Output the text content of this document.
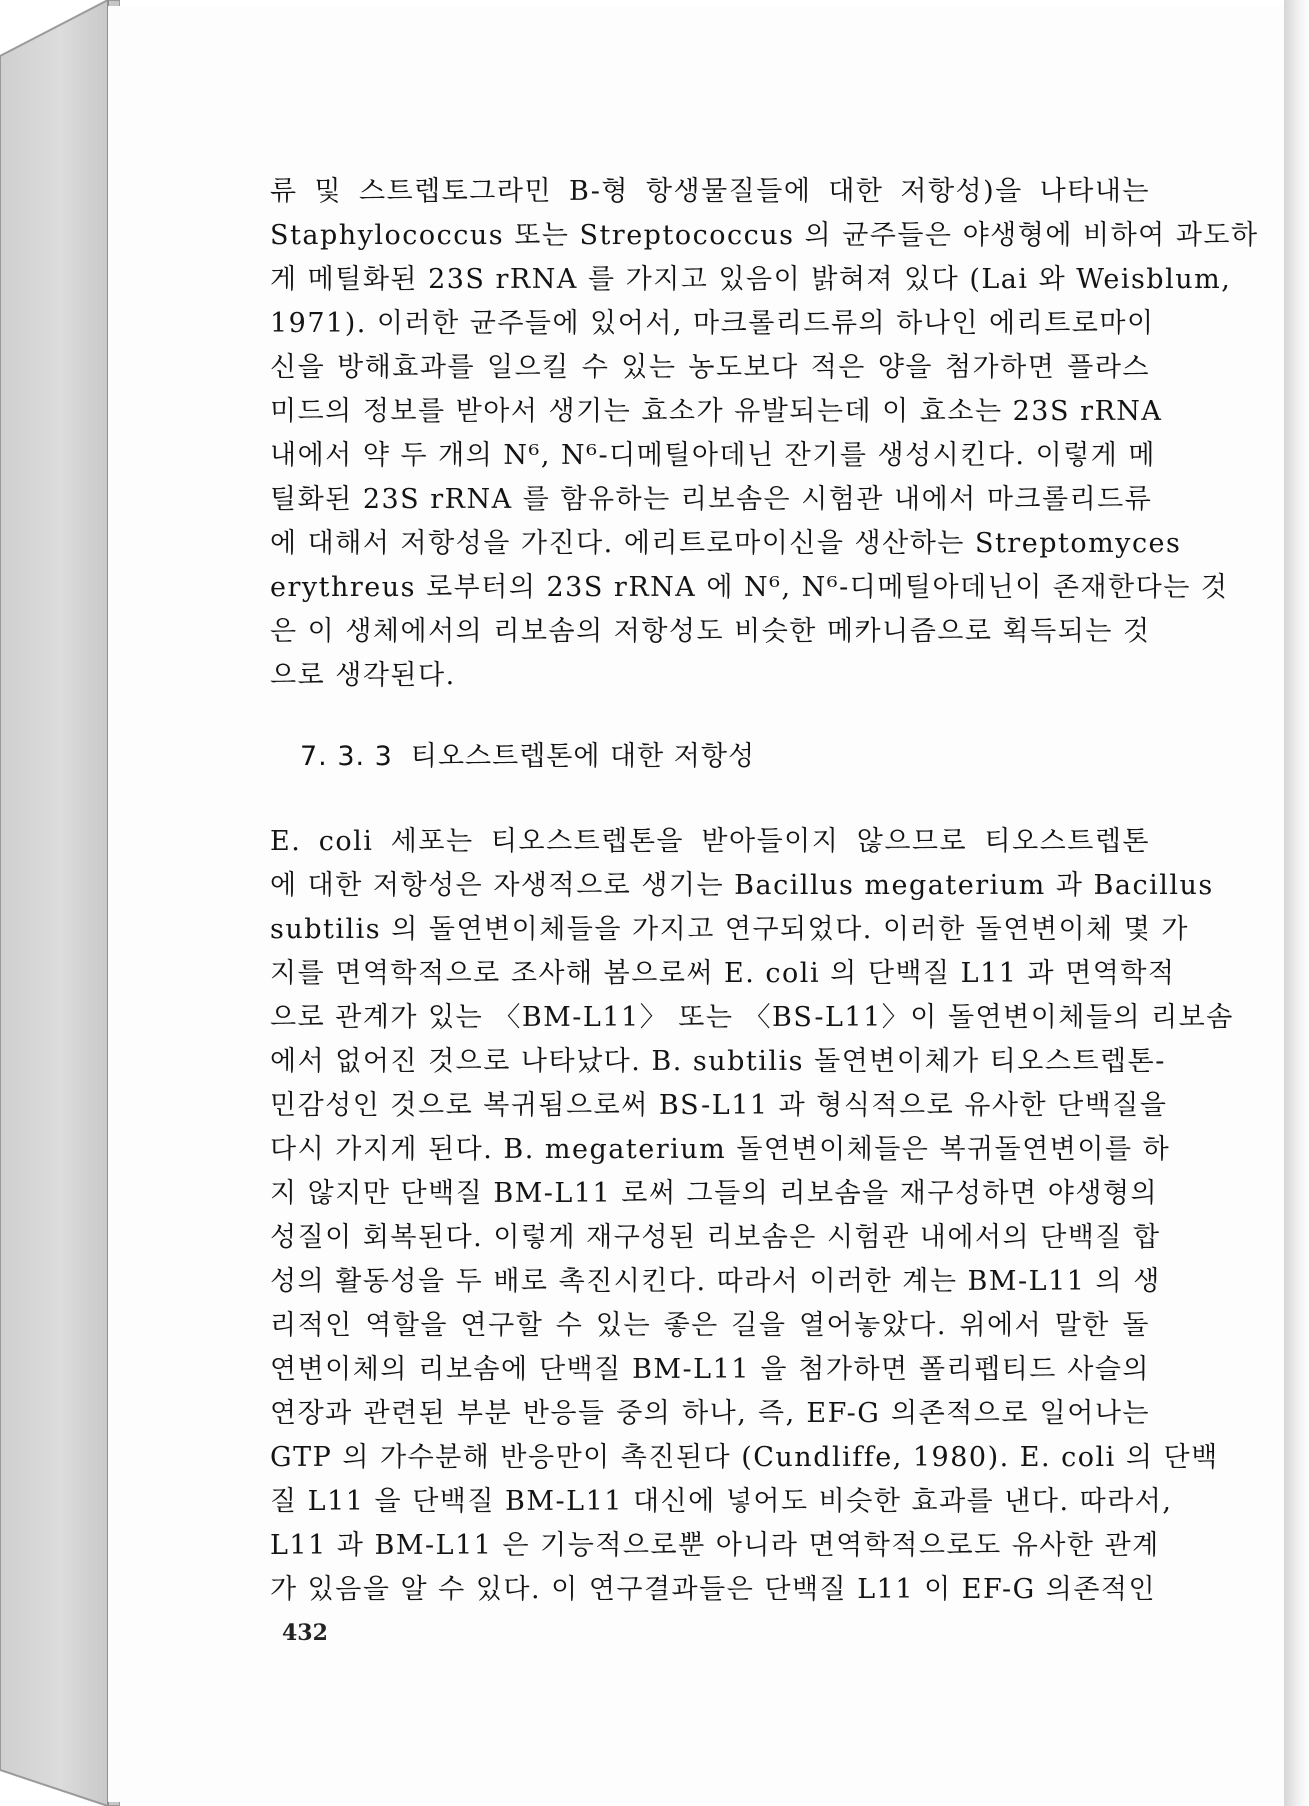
류 및 스트렙토그라민 B-형 항생물질들에 대한 저항성)을 나타내는
Staphylococcus 또는 Streptococcus 의 균주들은 야생형에 비하여 과도하
게 메틸화된 23S rRNA 를 가지고 있음이 밝혀져 있다 (Lai 와 Weisblum,
1971). 이러한 균주들에 있어서, 마크롤리드류의 하나인 에리트로마이
신을 방해효과를 일으킬 수 있는 농도보다 적은 양을 첨가하면 플라스
미드의 정보를 받아서 생기는 효소가 유발되는데 이 효소는 23S rRNA
내에서 약 두 개의 N⁶, N⁶-디메틸아데닌 잔기를 생성시킨다. 이렇게 메
틸화된 23S rRNA 를 함유하는 리보솜은 시험관 내에서 마크롤리드류
에 대해서 저항성을 가진다. 에리트로마이신을 생산하는 Streptomyces
erythreus 로부터의 23S rRNA 에 N⁶, N⁶-디메틸아데닌이 존재한다는 것
은 이 생체에서의 리보솜의 저항성도 비슷한 메카니즘으로 획득되는 것
으로 생각된다.
7. 3. 3 티오스트렙톤에 대한 저항성
E. coli 세포는 티오스트렙톤을 받아들이지 않으므로 티오스트렙톤
에 대한 저항성은 자생적으로 생기는 Bacillus megaterium 과 Bacillus
subtilis 의 돌연변이체들을 가지고 연구되었다. 이러한 돌연변이체 몇 가
지를 면역학적으로 조사해 봄으로써 E. coli 의 단백질 L11 과 면역학적
으로 관계가 있는 〈BM-L11〉 또는 〈BS-L11〉이 돌연변이체들의 리보솜
에서 없어진 것으로 나타났다. B. subtilis 돌연변이체가 티오스트렙톤-
민감성인 것으로 복귀됨으로써 BS-L11 과 형식적으로 유사한 단백질을
다시 가지게 된다. B. megaterium 돌연변이체들은 복귀돌연변이를 하
지 않지만 단백질 BM-L11 로써 그들의 리보솜을 재구성하면 야생형의
성질이 회복된다. 이렇게 재구성된 리보솜은 시험관 내에서의 단백질 합
성의 활동성을 두 배로 촉진시킨다. 따라서 이러한 계는 BM-L11 의 생
리적인 역할을 연구할 수 있는 좋은 길을 열어놓았다. 위에서 말한 돌
연변이체의 리보솜에 단백질 BM-L11 을 첨가하면 폴리펩티드 사슬의
연장과 관련된 부분 반응들 중의 하나, 즉, EF-G 의존적으로 일어나는
GTP 의 가수분해 반응만이 촉진된다 (Cundliffe, 1980). E. coli 의 단백
질 L11 을 단백질 BM-L11 대신에 넣어도 비슷한 효과를 낸다. 따라서,
L11 과 BM-L11 은 기능적으로뿐 아니라 면역학적으로도 유사한 관계
가 있음을 알 수 있다. 이 연구결과들은 단백질 L11 이 EF-G 의존적인
432
